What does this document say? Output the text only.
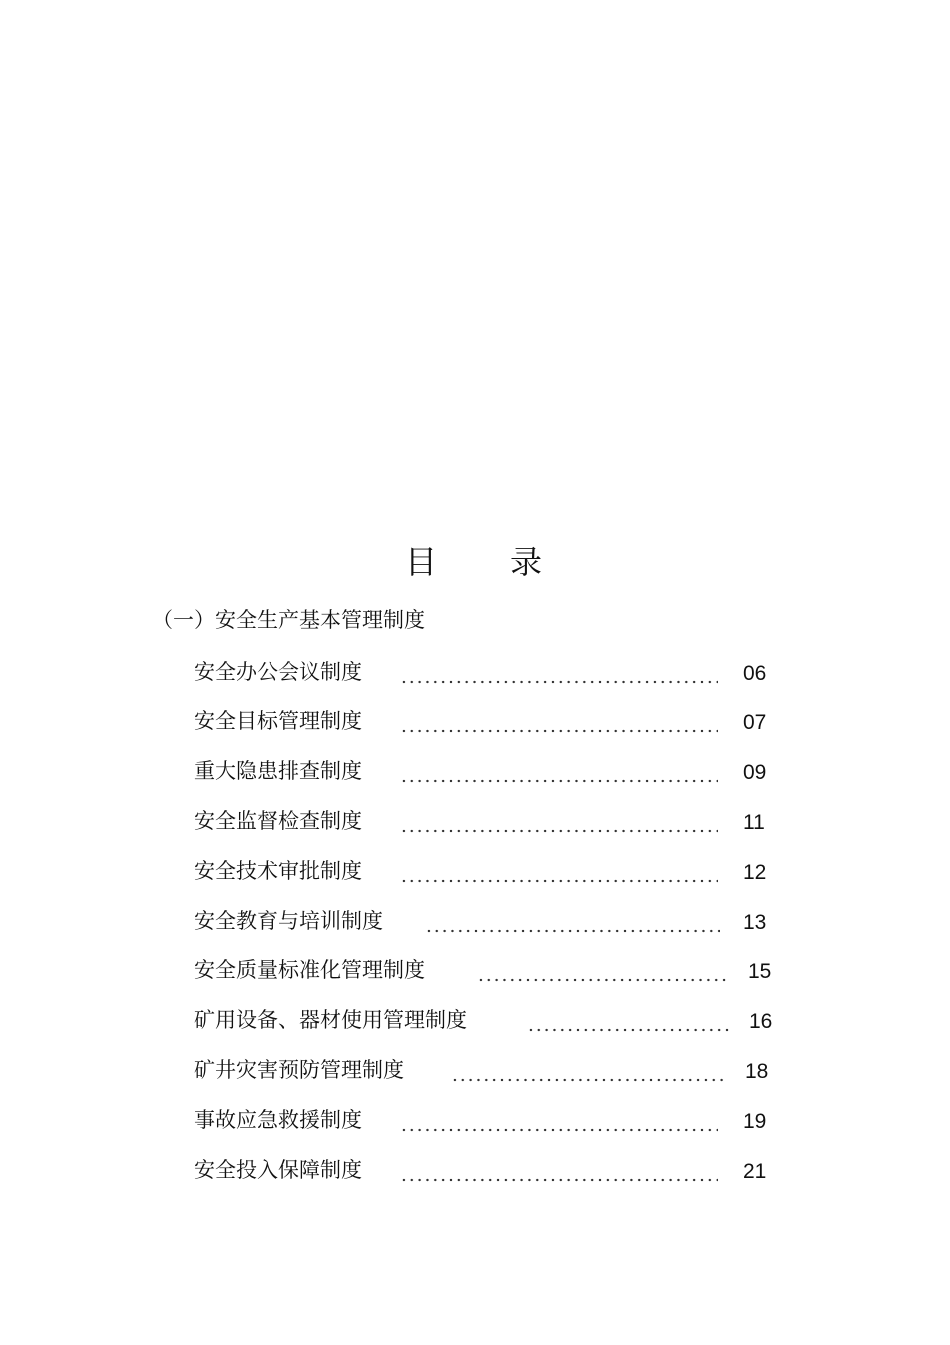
目 录
（一）安全生产基本管理制度
安全办公会议制度	06
安全目标管理制度	07
重大隐患排查制度	09
安全监督检查制度	11
安全技术审批制度	12
安全教育与培训制度	13
安全质量标准化管理制度	15
矿用设备、器材使用管理制度	16
矿井灾害预防管理制度	18
事故应急救援制度	19
安全投入保障制度	21
